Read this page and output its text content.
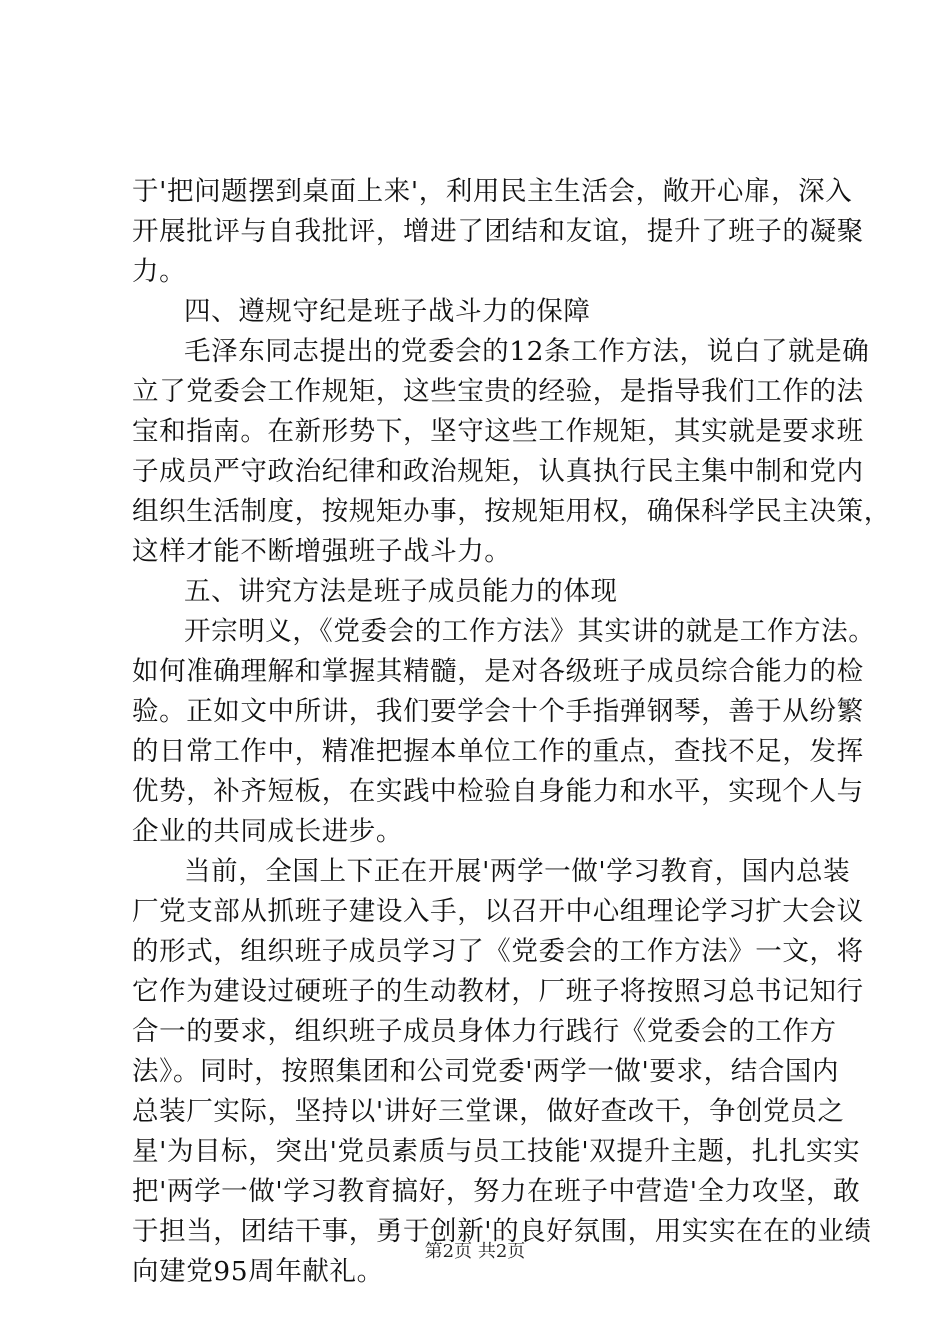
于'把问题摆到桌面上来'，利用民主生活会，敞开心扉，深入
开展批评与自我批评，增进了团结和友谊，提升了班子的凝聚
力。
四、遵规守纪是班子战斗力的保障
毛泽东同志提出的党委会的12条工作方法，说白了就是确
立了党委会工作规矩，这些宝贵的经验，是指导我们工作的法
宝和指南。在新形势下，坚守这些工作规矩，其实就是要求班
子成员严守政治纪律和政治规矩，认真执行民主集中制和党内
组织生活制度，按规矩办事，按规矩用权，确保科学民主决策，
这样才能不断增强班子战斗力。
五、讲究方法是班子成员能力的体现
开宗明义，《党委会的工作方法》其实讲的就是工作方法。
如何准确理解和掌握其精髓，是对各级班子成员综合能力的检
验。正如文中所讲，我们要学会十个手指弹钢琴，善于从纷繁
的日常工作中，精准把握本单位工作的重点，查找不足，发挥
优势，补齐短板，在实践中检验自身能力和水平，实现个人与
企业的共同成长进步。
当前，全国上下正在开展'两学一做'学习教育，国内总装
厂党支部从抓班子建设入手，以召开中心组理论学习扩大会议
的形式，组织班子成员学习了《党委会的工作方法》一文，将
它作为建设过硬班子的生动教材，厂班子将按照习总书记知行
合一的要求，组织班子成员身体力行践行《党委会的工作方
法》。同时，按照集团和公司党委'两学一做'要求，结合国内
总装厂实际，坚持以'讲好三堂课，做好查改干，争创党员之
星'为目标，突出'党员素质与员工技能'双提升主题，扎扎实实
把'两学一做'学习教育搞好，努力在班子中营造'全力攻坚，敢
于担当，团结干事，勇于创新'的良好氛围，用实实在在的业绩
向建党95周年献礼。
第2页 共2页
